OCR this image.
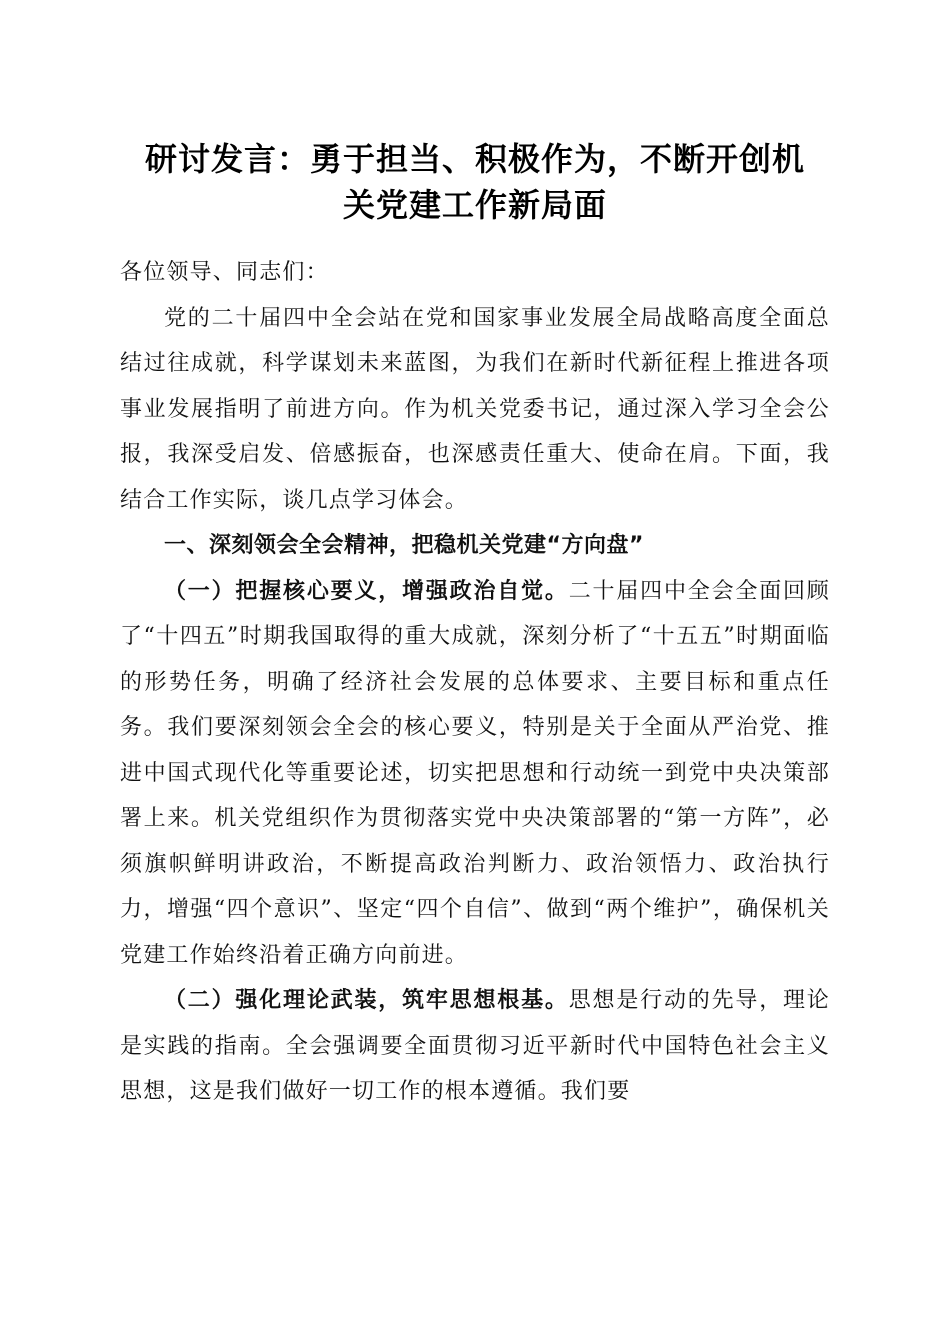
研讨发言：勇于担当、积极作为，不断开创机
关党建工作新局面

各位领导、同志们：

党的二十届四中全会站在党和国家事业发展全局战略高度全面总结过往成就，科学谋划未来蓝图，为我们在新时代新征程上推进各项事业发展指明了前进方向。作为机关党委书记，通过深入学习全会公报，我深受启发、倍感振奋，也深感责任重大、使命在肩。下面，我结合工作实际，谈几点学习体会。

一、深刻领会全会精神，把稳机关党建“方向盘”

（一）把握核心要义，增强政治自觉。二十届四中全会全面回顾了“十四五”时期我国取得的重大成就，深刻分析了“十五五”时期面临的形势任务，明确了经济社会发展的总体要求、主要目标和重点任务。我们要深刻领会全会的核心要义，特别是关于全面从严治党、推进中国式现代化等重要论述，切实把思想和行动统一到党中央决策部署上来。机关党组织作为贯彻落实党中央决策部署的“第一方阵”，必须旗帜鲜明讲政治，不断提高政治判断力、政治领悟力、政治执行力，增强“四个意识”、坚定“四个自信”、做到“两个维护”，确保机关党建工作始终沿着正确方向前进。

（二）强化理论武装，筑牢思想根基。思想是行动的先导，理论是实践的指南。全会强调要全面贯彻习近平新时代中国特色社会主义思想，这是我们做好一切工作的根本遵循。我们要
